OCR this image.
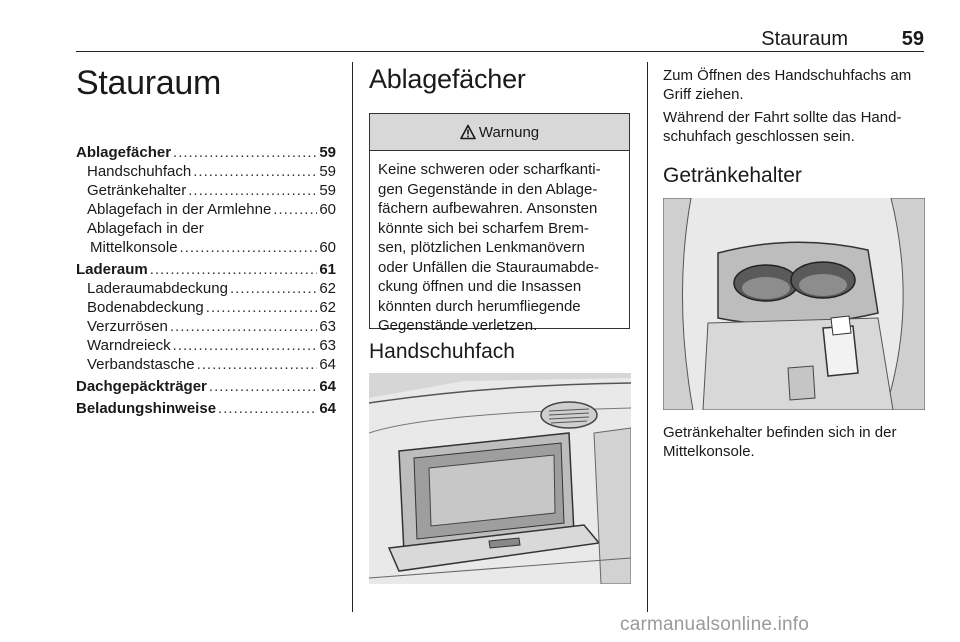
Stauraum	59
Stauraum
Ablagefächer .....	59
Handschuhfach .....	59
Getränkehalter .....	59
Ablagefach in der Armlehne .....	60
Ablagefach in der
Mittelkonsole .....	60
Laderaum .....	61
Laderaumabdeckung .....	62
Bodenabdeckung .....	62
Verzurrösen .....	63
Warndreieck .....	63
Verbandstasche .....	64
Dachgepäckträger .....	64
Beladungshinweise .....	64
Ablagefächer
Warnung
Keine schweren oder scharfkanti-
gen Gegenstände in den Ablage-
fächern aufbewahren. Ansonsten
könnte sich bei scharfem Brem-
sen, plötzlichen Lenkmanövern
oder Unfällen die Stauraumabde-
ckung öffnen und die Insassen
könnten durch herumfliegende
Gegenstände verletzen.
Handschuhfach
Zum Öffnen des Handschuhfachs am
Griff ziehen.
Während der Fahrt sollte das Hand-
schuhfach geschlossen sein.
Getränkehalter
Getränkehalter befinden sich in der
Mittelkonsole.
carmanualsonline.info
